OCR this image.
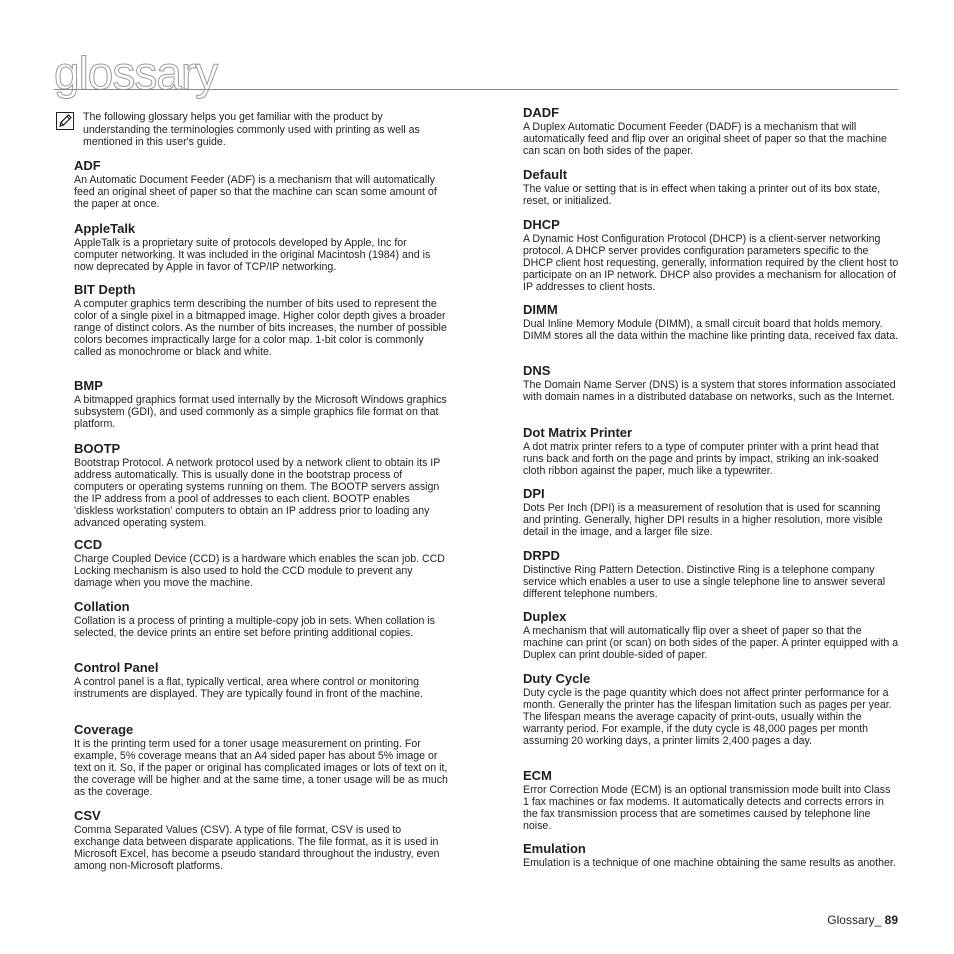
glossary

The following glossary helps you get familiar with the product by understanding the terminologies commonly used with printing as well as mentioned in this user's guide.

ADF

An Automatic Document Feeder (ADF) is a mechanism that will automatically feed an original sheet of paper so that the machine can scan some amount of the paper at once.

AppleTalk

AppleTalk is a proprietary suite of protocols developed by Apple, Inc for computer networking. It was included in the original Macintosh (1984) and is now deprecated by Apple in favor of TCP/IP networking.

BIT Depth

A computer graphics term describing the number of bits used to represent the color of a single pixel in a bitmapped image. Higher color depth gives a broader range of distinct colors. As the number of bits increases, the number of possible colors becomes impractically large for a color map. 1-bit color is commonly called as monochrome or black and white.

BMP

A bitmapped graphics format used internally by the Microsoft Windows graphics subsystem (GDI), and used commonly as a simple graphics file format on that platform.

BOOTP

Bootstrap Protocol. A network protocol used by a network client to obtain its IP address automatically. This is usually done in the bootstrap process of computers or operating systems running on them. The BOOTP servers assign the IP address from a pool of addresses to each client. BOOTP enables 'diskless workstation' computers to obtain an IP address prior to loading any advanced operating system.

CCD

Charge Coupled Device (CCD) is a hardware which enables the scan job. CCD Locking mechanism is also used to hold the CCD module to prevent any damage when you move the machine.

Collation

Collation is a process of printing a multiple-copy job in sets. When collation is selected, the device prints an entire set before printing additional copies.

Control Panel

A control panel is a flat, typically vertical, area where control or monitoring instruments are displayed. They are typically found in front of the machine.

Coverage

It is the printing term used for a toner usage measurement on printing. For example, 5% coverage means that an A4 sided paper has about 5% image or text on it. So, if the paper or original has complicated images or lots of text on it, the coverage will be higher and at the same time, a toner usage will be as much as the coverage.

CSV

Comma Separated Values (CSV). A type of file format, CSV is used to exchange data between disparate applications. The file format, as it is used in Microsoft Excel, has become a pseudo standard throughout the industry, even among non-Microsoft platforms.

DADF

A Duplex Automatic Document Feeder (DADF) is a mechanism that will automatically feed and flip over an original sheet of paper so that the machine can scan on both sides of the paper.

Default

The value or setting that is in effect when taking a printer out of its box state, reset, or initialized.

DHCP

A Dynamic Host Configuration Protocol (DHCP) is a client-server networking protocol. A DHCP server provides configuration parameters specific to the DHCP client host requesting, generally, information required by the client host to participate on an IP network. DHCP also provides a mechanism for allocation of IP addresses to client hosts.

DIMM

Dual Inline Memory Module (DIMM), a small circuit board that holds memory. DIMM stores all the data within the machine like printing data, received fax data.

DNS

The Domain Name Server (DNS) is a system that stores information associated with domain names in a distributed database on networks, such as the Internet.

Dot Matrix Printer

A dot matrix printer refers to a type of computer printer with a print head that runs back and forth on the page and prints by impact, striking an ink-soaked cloth ribbon against the paper, much like a typewriter.

DPI

Dots Per Inch (DPI) is a measurement of resolution that is used for scanning and printing. Generally, higher DPI results in a higher resolution, more visible detail in the image, and a larger file size.

DRPD

Distinctive Ring Pattern Detection. Distinctive Ring is a telephone company service which enables a user to use a single telephone line to answer several different telephone numbers.

Duplex

A mechanism that will automatically flip over a sheet of paper so that the machine can print (or scan) on both sides of the paper. A printer equipped with a Duplex can print double-sided of paper.

Duty Cycle

Duty cycle is the page quantity which does not affect printer performance for a month. Generally the printer has the lifespan limitation such as pages per year. The lifespan means the average capacity of print-outs, usually within the warranty period. For example, if the duty cycle is 48,000 pages per month assuming 20 working days, a printer limits 2,400 pages a day.

ECM

Error Correction Mode (ECM) is an optional transmission mode built into Class 1 fax machines or fax modems. It automatically detects and corrects errors in the fax transmission process that are sometimes caused by telephone line noise.

Emulation

Emulation is a technique of one machine obtaining the same results as another.

Glossary_ 89
